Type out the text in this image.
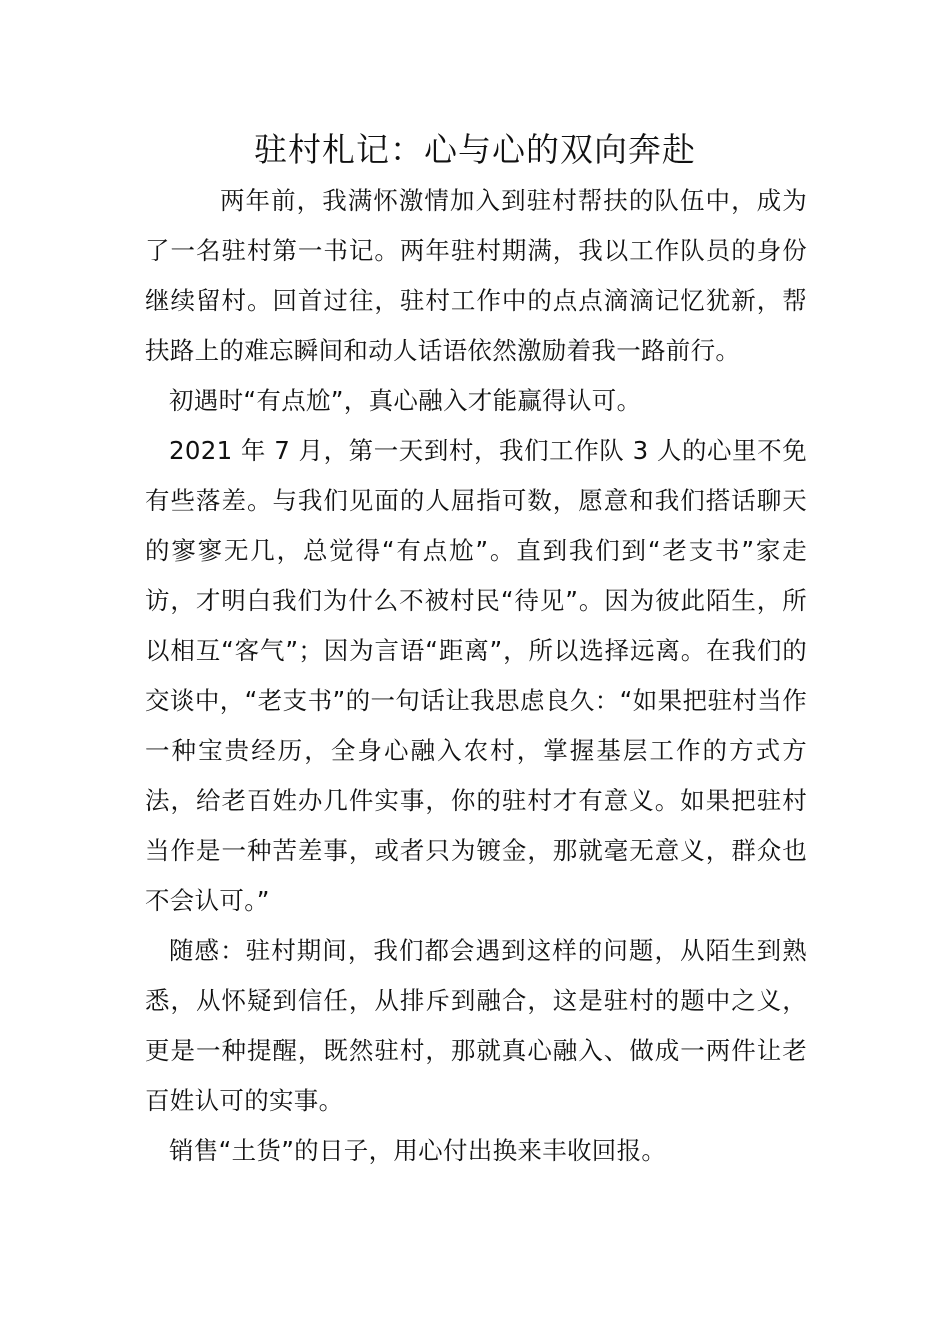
驻村札记：心与心的双向奔赴

两年前，我满怀激情加入到驻村帮扶的队伍中，成为了一名驻村第一书记。两年驻村期满，我以工作队员的身份继续留村。回首过往，驻村工作中的点点滴滴记忆犹新，帮扶路上的难忘瞬间和动人话语依然激励着我一路前行。

初遇时“有点尬”，真心融入才能赢得认可。

2021 年 7 月，第一天到村，我们工作队 3 人的心里不免有些落差。与我们见面的人屈指可数，愿意和我们搭话聊天的寥寥无几，总觉得“有点尬”。直到我们到“老支书”家走访，才明白我们为什么不被村民“待见”。因为彼此陌生，所以相互“客气”；因为言语“距离”，所以选择远离。在我们的交谈中，“老支书”的一句话让我思虑良久：“如果把驻村当作一种宝贵经历，全身心融入农村，掌握基层工作的方式方法，给老百姓办几件实事，你的驻村才有意义。如果把驻村当作是一种苦差事，或者只为镀金，那就毫无意义，群众也不会认可。”

随感：驻村期间，我们都会遇到这样的问题，从陌生到熟悉，从怀疑到信任，从排斥到融合，这是驻村的题中之义，更是一种提醒，既然驻村，那就真心融入、做成一两件让老百姓认可的实事。

销售“土货”的日子，用心付出换来丰收回报。
